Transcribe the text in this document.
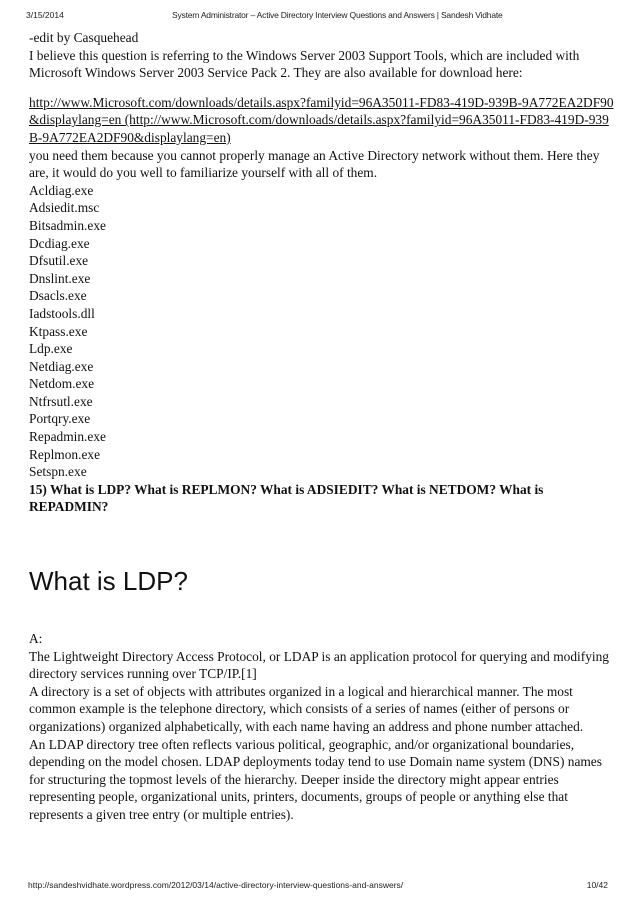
3/15/2014	System Administrator – Active Directory Interview Questions and Answers | Sandesh Vidhate

-edit by Casquehead

I believe this question is referring to the Windows Server 2003 Support Tools, which are included with Microsoft Windows Server 2003 Service Pack 2. They are also available for download here:

http://www.Microsoft.com/downloads/details.aspx?familyid=96A35011-FD83-419D-939B-9A772EA2DF90&displaylang=en (http://www.Microsoft.com/downloads/details.aspx?familyid=96A35011-FD83-419D-939B-9A772EA2DF90&displaylang=en)

you need them because you cannot properly manage an Active Directory network without them. Here they are, it would do you well to familiarize yourself with all of them.

Acldiag.exe
Adsiedit.msc
Bitsadmin.exe
Dcdiag.exe
Dfsutil.exe
Dnslint.exe
Dsacls.exe
Iadstools.dll
Ktpass.exe
Ldp.exe
Netdiag.exe
Netdom.exe
Ntfrsutl.exe
Portqry.exe
Repadmin.exe
Replmon.exe
Setspn.exe

15) What is LDP? What is REPLMON? What is ADSIEDIT? What is NETDOM? What is REPADMIN?

What is LDP?

A:

The Lightweight Directory Access Protocol, or LDAP is an application protocol for querying and modifying directory services running over TCP/IP.[1]

A directory is a set of objects with attributes organized in a logical and hierarchical manner. The most common example is the telephone directory, which consists of a series of names (either of persons or organizations) organized alphabetically, with each name having an address and phone number attached.

An LDAP directory tree often reflects various political, geographic, and/or organizational boundaries, depending on the model chosen. LDAP deployments today tend to use Domain name system (DNS) names for structuring the topmost levels of the hierarchy. Deeper inside the directory might appear entries representing people, organizational units, printers, documents, groups of people or anything else that represents a given tree entry (or multiple entries).

http://sandeshvidhate.wordpress.com/2012/03/14/active-directory-interview-questions-and-answers/	10/42
